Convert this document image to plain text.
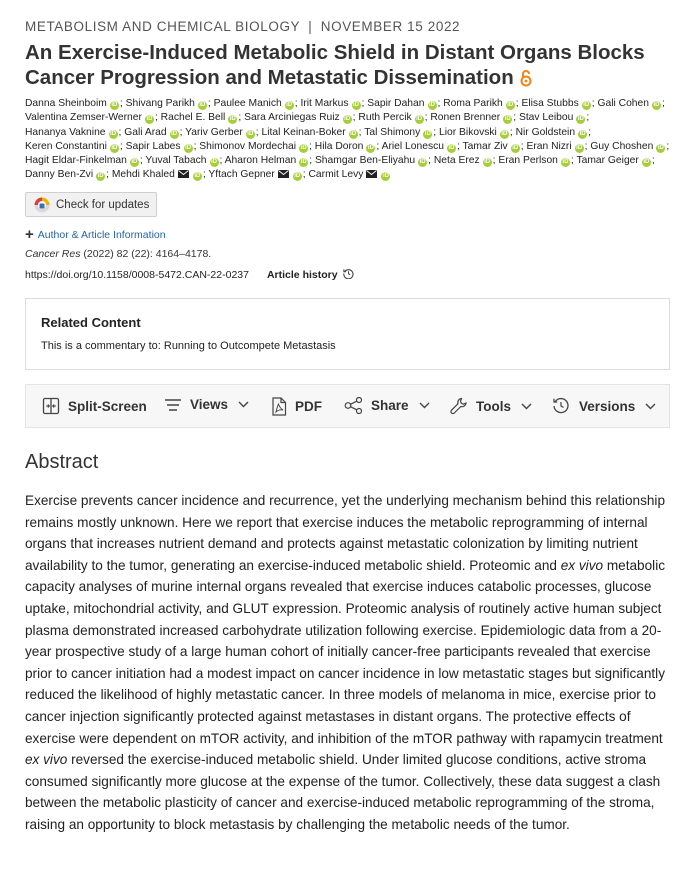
METABOLISM AND CHEMICAL BIOLOGY | NOVEMBER 15 2022
An Exercise-Induced Metabolic Shield in Distant Organs Blocks Cancer Progression and Metastatic Dissemination
Danna Sheinboim iD ; Shivang Parikh iD ; Paulee Manich iD ; Irit Markus iD ; Sapir Dahan iD ; Roma Parikh iD ; Elisa Stubbs iD ; Gali Cohen iD ; Valentina Zemser-Werner iD ; Rachel E. Bell iD ; Sara Arciniegas Ruiz iD ; Ruth Percik iD ; Ronen Brenner iD ; Stav Leibou iD ; Hananya Vaknine iD ; Gali Arad iD ; Yariv Gerber iD ; Lital Keinan-Boker iD ; Tal Shimony iD ; Lior Bikovski iD ; Nir Goldstein iD ; Keren Constantini iD ; Sapir Labes iD ; Shimonov Mordechai iD ; Hila Doron iD ; Ariel Lonescu iD ; Tamar Ziv iD ; Eran Nizri iD ; Guy Choshen iD ; Hagit Eldar-Finkelman iD ; Yuval Tabach iD ; Aharon Helman iD ; Shamgar Ben-Eliyahu iD ; Neta Erez iD ; Eran Perlson iD ; Tamar Geiger iD ; Danny Ben-Zvi iD ; Mehdi Khaled	iD ; Yftach Gepner	iD ; Carmit Levy	iD
Check for updates
+ Author & Article Information
Cancer Res (2022) 82 (22): 4164–4178.
https://doi.org/10.1158/0008-5472.CAN-22-0237 Article history
Related Content
This is a commentary to: Running to Outcompete Metastasis
Split-Screen	Views	PDF	Share	Tools	Versions
Abstract

Exercise prevents cancer incidence and recurrence, yet the underlying mechanism behind this relationship remains mostly unknown. Here we report that exercise induces the metabolic reprogramming of internal organs that increases nutrient demand and protects against metastatic colonization by limiting nutrient availability to the tumor, generating an exercise-induced metabolic shield. Proteomic and ex vivo metabolic capacity analyses of murine internal organs revealed that exercise induces catabolic processes, glucose uptake, mitochondrial activity, and GLUT expression. Proteomic analysis of routinely active human subject plasma demonstrated increased carbohydrate utilization following exercise. Epidemiologic data from a 20-year prospective study of a large human cohort of initially cancer-free participants revealed that exercise prior to cancer initiation had a modest impact on cancer incidence in low metastatic stages but significantly reduced the likelihood of highly metastatic cancer. In three models of melanoma in mice, exercise prior to cancer injection significantly protected against metastases in distant organs. The protective effects of exercise were dependent on mTOR activity, and inhibition of the mTOR pathway with rapamycin treatment ex vivo reversed the exercise-induced metabolic shield. Under limited glucose conditions, active stroma consumed significantly more glucose at the expense of the tumor. Collectively, these data suggest a clash between the metabolic plasticity of cancer and exercise-induced metabolic reprogramming of the stroma, raising an opportunity to block metastasis by challenging the metabolic needs of the tumor.
